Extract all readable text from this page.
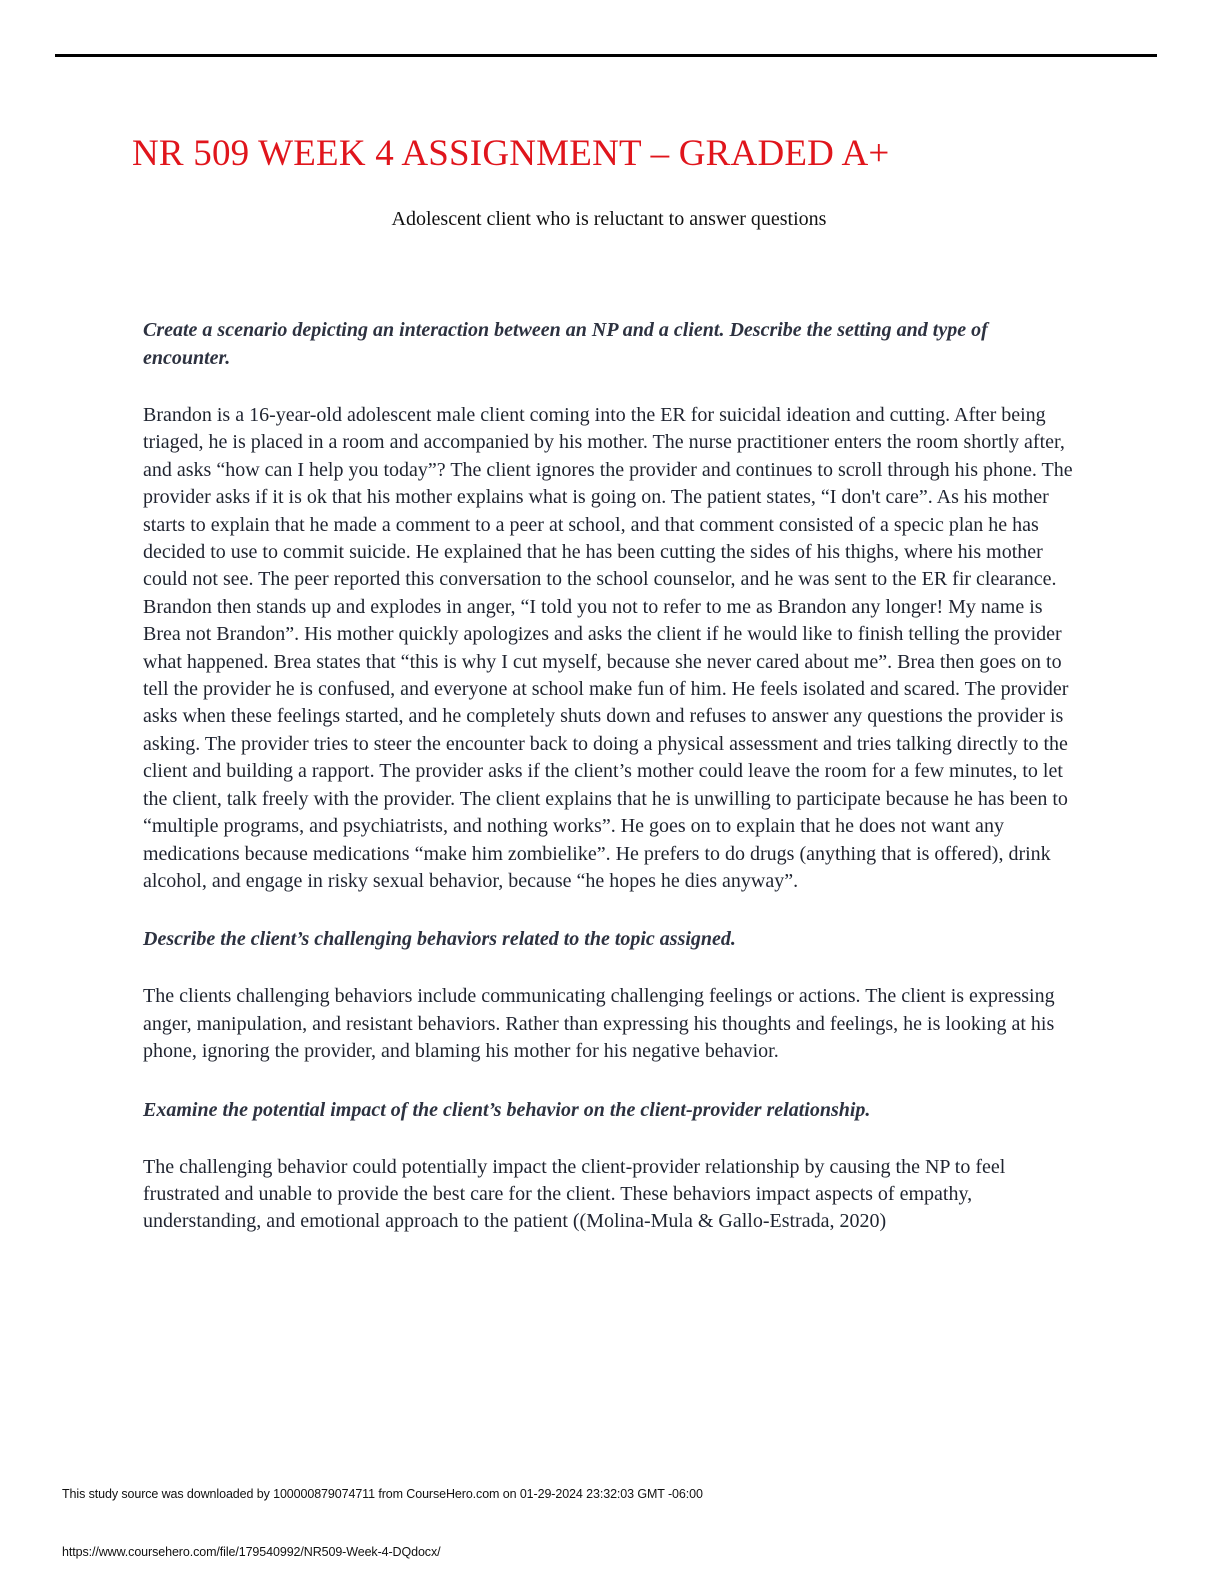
NR 509 WEEK 4 ASSIGNMENT – GRADED A+

Adolescent client who is reluctant to answer questions

Create a scenario depicting an interaction between an NP and a client. Describe the setting and type of encounter.

Brandon is a 16-year-old adolescent male client coming into the ER for suicidal ideation and cutting. After being triaged, he is placed in a room and accompanied by his mother. The nurse practitioner enters the room shortly after, and asks “how can I help you today”? The client ignores the provider and continues to scroll through his phone. The provider asks if it is ok that his mother explains what is going on. The patient states, “I don't care”. As his mother starts to explain that he made a comment to a peer at school, and that comment consisted of a specic plan he has decided to use to commit suicide. He explained that he has been cutting the sides of his thighs, where his mother could not see. The peer reported this conversation to the school counselor, and he was sent to the ER fir clearance. Brandon then stands up and explodes in anger, “I told you not to refer to me as Brandon any longer! My name is Brea not Brandon”. His mother quickly apologizes and asks the client if he would like to finish telling the provider what happened. Brea states that “this is why I cut myself, because she never cared about me”. Brea then goes on to tell the provider he is confused, and everyone at school make fun of him. He feels isolated and scared. The provider asks when these feelings started, and he completely shuts down and refuses to answer any questions the provider is asking. The provider tries to steer the encounter back to doing a physical assessment and tries talking directly to the client and building a rapport. The provider asks if the client’s mother could leave the room for a few minutes, to let the client, talk freely with the provider. The client explains that he is unwilling to participate because he has been to “multiple programs, and psychiatrists, and nothing works”. He goes on to explain that he does not want any medications because medications “make him zombielike”. He prefers to do drugs (anything that is offered), drink alcohol, and engage in risky sexual behavior, because “he hopes he dies anyway”.

Describe the client’s challenging behaviors related to the topic assigned.

The clients challenging behaviors include communicating challenging feelings or actions. The client is expressing anger, manipulation, and resistant behaviors. Rather than expressing his thoughts and feelings, he is looking at his phone, ignoring the provider, and blaming his mother for his negative behavior.

Examine the potential impact of the client’s behavior on the client-provider relationship.

The challenging behavior could potentially impact the client-provider relationship by causing the NP to feel frustrated and unable to provide the best care for the client. These behaviors impact aspects of empathy, understanding, and emotional approach to the patient ((Molina-Mula & Gallo-Estrada, 2020)

This study source was downloaded by 100000879074711 from CourseHero.com on 01-29-2024 23:32:03 GMT -06:00

https://www.coursehero.com/file/179540992/NR509-Week-4-DQdocx/
